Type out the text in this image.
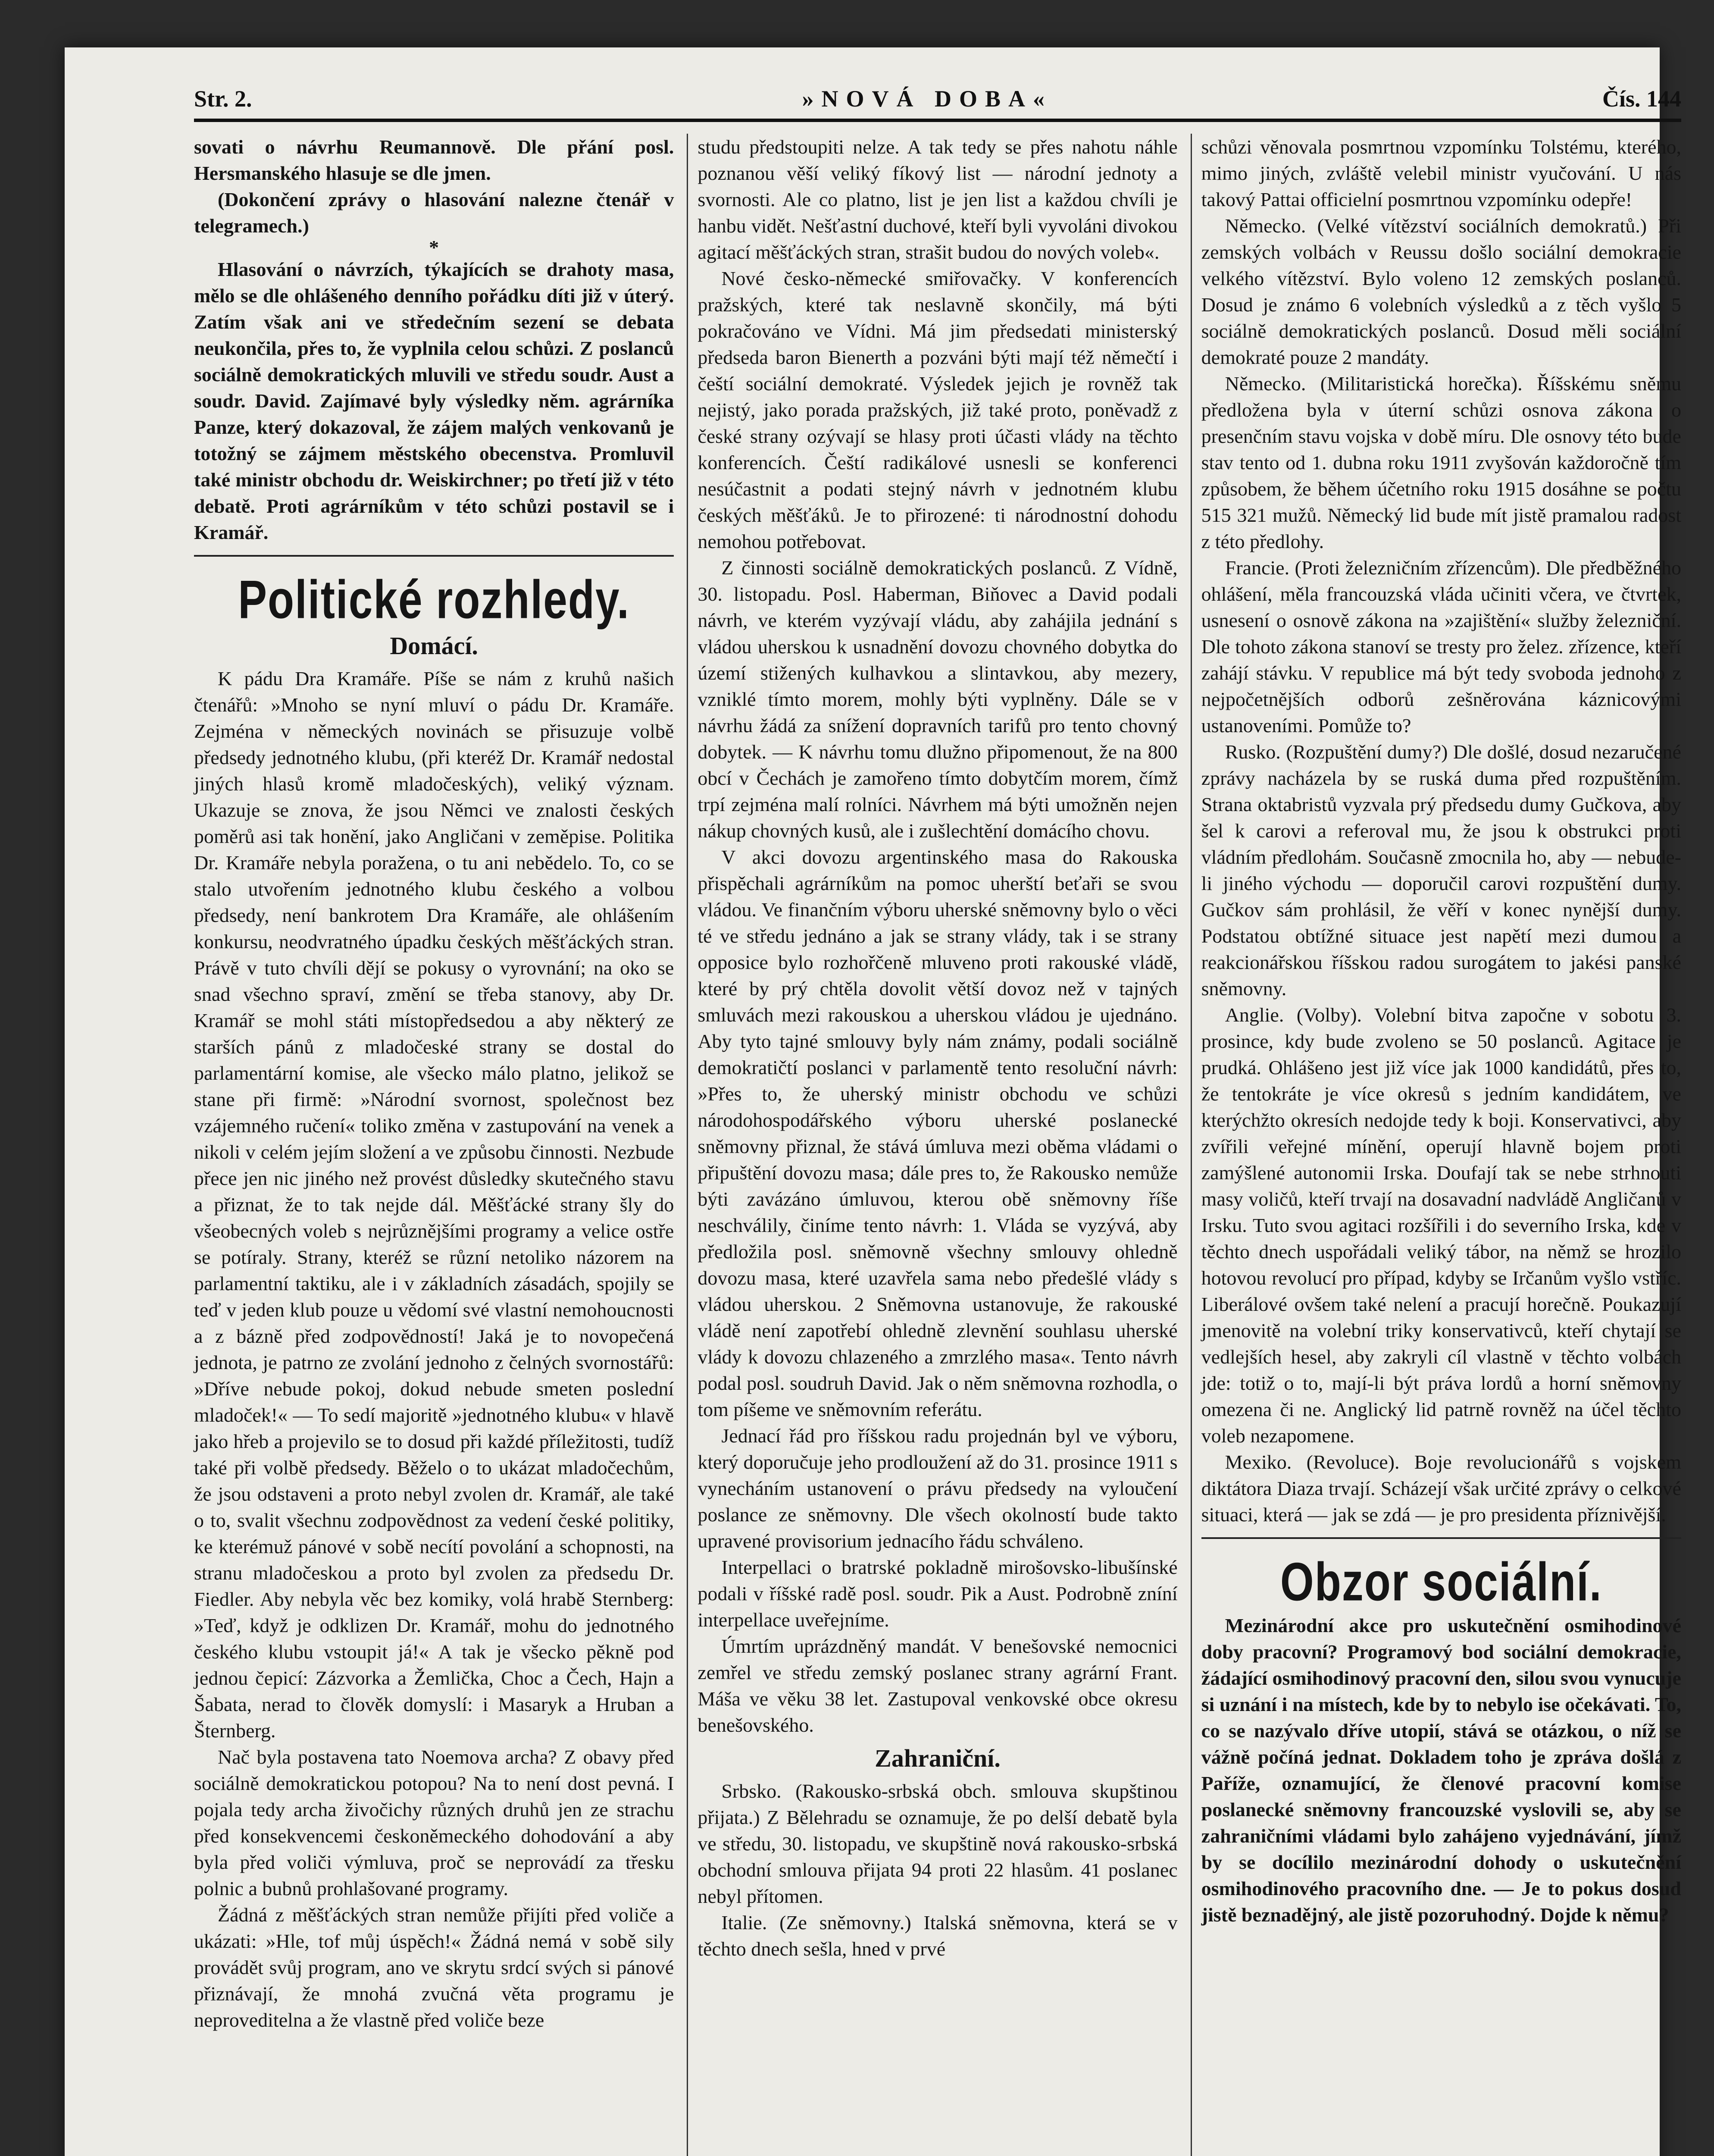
Str. 2.	»NOVÁ DOBA«	Čís. 144

sovati o návrhu Reumannově. Dle přání posl. Hersmanského hlasuje se dle jmen.

(Dokončení zprávy o hlasování nalezne čtenář v telegramech.)

*

Hlasování o návrzích, týkajících se drahoty masa, mělo se dle ohlášeného denního pořádku díti již v úterý. Zatím však ani ve středečním sezení se debata neukončila, přes to, že vyplnila celou schůzi. Z poslanců sociálně demokratických mluvili ve středu soudr. Aust a soudr. David. Zajímavé byly výsledky něm. agrárníka Panze, který dokazoval, že zájem malých venkovanů je totožný se zájmem městského obecenstva. Promluvil také ministr obchodu dr. Weiskirchner; po třetí již v této debatě. Proti agrárníkům v této schůzi postavil se i Kramář.

Politické rozhledy.
Domácí.

K pádu Dra Kramáře. Píše se nám z kruhů našich čtenářů: »Mnoho se nyní mluví o pádu Dr. Kramáře. Zejména v německých novinách se přisuzuje volbě předsedy jednotného klubu, (při kteréž Dr. Kramář nedostal jiných hlasů kromě mladočeských), veliký význam. Ukazuje se znova, že jsou Němci ve znalosti českých poměrů asi tak honění, jako Angličani v zeměpise. Politika Dr. Kramáře nebyla poražena, o tu ani nebědelo. To, co se stalo utvořením jednotného klubu českého a volbou předsedy, není bankrotem Dra Kramáře, ale ohlášením konkursu, neodvratného úpadku českých měšťáckých stran. Právě v tuto chvíli dějí se pokusy o vyrovnání; na oko se snad všechno spraví, změní se třeba stanovy, aby Dr. Kramář se mohl státi místopředsedou a aby některý ze starších pánů z mladočeské strany se dostal do parlamentární komise, ale všecko málo platno, jelikož se stane při firmě: »Národní svornost, společnost bez vzájemného ručení« toliko změna v zastupování na venek a nikoli v celém jejím složení a ve způsobu činnosti. Nezbude přece jen nic jiného než provést důsledky skutečného stavu a přiznat, že to tak nejde dál. Měšťácké strany šly do všeobecných voleb s nejrůznějšími programy a velice ostře se potíraly. Strany, kteréž se různí netoliko názorem na parlamentní taktiku, ale i v základních zásadách, spojily se teď v jeden klub pouze u vědomí své vlastní nemohoucnosti a z bázně před zodpovědností! Jaká je to novopečená jednota, je patrno ze zvolání jednoho z čelných svornostářů: »Dříve nebude pokoj, dokud nebude smeten poslední mladoček!« — To sedí majoritě »jednotného klubu« v hlavě jako hřeb a projevilo se to dosud při každé příležitosti, tudíž také při volbě předsedy. Běželo o to ukázat mladočechům, že jsou odstaveni a proto nebyl zvolen dr. Kramář, ale také o to, svalit všechnu zodpovědnost za vedení české politiky, ke kterémuž pánové v sobě necítí povolání a schopnosti, na stranu mladočeskou a proto byl zvolen za předsedu Dr. Fiedler. Aby nebyla věc bez komiky, volá hrabě Sternberg: »Teď, když je odklizen Dr. Kramář, mohu do jednotného českého klubu vstoupit já!« A tak je všecko pěkně pod jednou čepicí: Zázvorka a Žemlička, Choc a Čech, Hajn a Šabata, nerad to člověk domyslí: i Masaryk a Hruban a Šternberg.

Nač byla postavena tato Noemova archa? Z obavy před sociálně demokratickou potopou? Na to není dost pevná. I pojala tedy archa živočichy různých druhů jen ze strachu před konsekvencemi českoněmeckého dohodování a aby byla před voliči výmluva, proč se neprovádí za třesku polnic a bubnů prohlašované programy.

Žádná z měšťáckých stran nemůže přijíti před voliče a ukázati: »Hle, tof můj úspěch!« Žádná nemá v sobě sily provádět svůj program, ano ve skrytu srdcí svých si pánové přiznávají, že mnohá zvučná věta programu je neproveditelna a že vlastně před voliče beze

studu předstoupiti nelze. A tak tedy se přes nahotu náhle poznanou věší veliký fíkový list — národní jednoty a svornosti. Ale co platno, list je jen list a každou chvíli je hanbu vidět. Nešťastní duchové, kteří byli vyvoláni divokou agitací měšťáckých stran, strašit budou do nových voleb«.

Nové česko-německé smiřovačky. V konferencích pražských, které tak neslavně skončily, má býti pokračováno ve Vídni. Má jim předsedati ministerský předseda baron Bienerth a pozváni býti mají též němečtí i čeští sociální demokraté. Výsledek jejich je rovněž tak nejistý, jako porada pražských, již také proto, poněvadž z české strany ozývají se hlasy proti účasti vlády na těchto konferencích. Čeští radikálové usnesli se konferenci nesúčastnit a podati stejný návrh v jednotném klubu českých měšťáků. Je to přirozené: ti národnostní dohodu nemohou potřebovat.

Z činnosti sociálně demokratických poslanců. Z Vídně, 30. listopadu. Posl. Haberman, Biňovec a David podali návrh, ve kterém vyzývají vládu, aby zahájila jednání s vládou uherskou k usnadnění dovozu chovného dobytka do území stižených kulhavkou a slintavkou, aby mezery, vzniklé tímto morem, mohly býti vyplněny. Dále se v návrhu žádá za snížení dopravních tarifů pro tento chovný dobytek. — K návrhu tomu dlužno připomenout, že na 800 obcí v Čechách je zamořeno tímto dobytčím morem, čímž trpí zejména malí rolníci. Návrhem má býti umožněn nejen nákup chovných kusů, ale i zušlechtění domácího chovu.

V akci dovozu argentinského masa do Rakouska přispěchali agrárníkům na pomoc uherští beťaři se svou vládou. Ve finančním výboru uherské sněmovny bylo o věci té ve středu jednáno a jak se strany vlády, tak i se strany opposice bylo rozhořčeně mluveno proti rakouské vládě, které by prý chtěla dovolit větší dovoz než v tajných smluvách mezi rakouskou a uherskou vládou je ujednáno. Aby tyto tajné smlouvy byly nám známy, podali sociálně demokratičtí poslanci v parlamentě tento resoluční návrh: »Přes to, že uherský ministr obchodu ve schůzi národohospodářského výboru uherské poslanecké sněmovny přiznal, že stává úmluva mezi oběma vládami o připuštění dovozu masa; dále pres to, že Rakousko nemůže býti zavázáno úmluvou, kterou obě sněmovny říše neschválily, činíme tento návrh: 1. Vláda se vyzývá, aby předložila posl. sněmovně všechny smlouvy ohledně dovozu masa, které uzavřela sama nebo předešlé vlády s vládou uherskou. 2 Sněmovna ustanovuje, že rakouské vládě není zapotřebí ohledně zlevnění souhlasu uherské vlády k dovozu chlazeného a zmrzlého masa«. Tento návrh podal posl. soudruh David. Jak o něm sněmovna rozhodla, o tom píšeme ve sněmovním referátu.

Jednací řád pro říšskou radu projednán byl ve výboru, který doporučuje jeho prodloužení až do 31. prosince 1911 s vynecháním ustanovení o právu předsedy na vyloučení poslance ze sněmovny. Dle všech okolností bude takto upravené provisorium jednacího řádu schváleno.

Interpellaci o bratrské pokladně mirošovsko-libušínské podali v říšské radě posl. soudr. Pik a Aust. Podrobně zníní interpellace uveřejníme.

Úmrtím uprázdněný mandát. V benešovské nemocnici zemřel ve středu zemský poslanec strany agrární Frant. Máša ve věku 38 let. Zastupoval venkovské obce okresu benešovského.

Zahraniční.

Srbsko. (Rakousko-srbská obch. smlouva skupštinou přijata.) Z Bělehradu se oznamuje, že po delší debatě byla ve středu, 30. listopadu, ve skupštině nová rakousko-srbská obchodní smlouva přijata 94 proti 22 hlasům. 41 poslanec nebyl přítomen.

Italie. (Ze sněmovny.) Italská sněmovna, která se v těchto dnech sešla, hned v prvé

schůzi věnovala posmrtnou vzpomínku Tolstému, kterého, mimo jiných, zvláště velebil ministr vyučování. U nás takový Pattai officielní posmrtnou vzpomínku odepře!

Německo. (Velké vítězství sociálních demokratů.) Při zemských volbách v Reussu došlo sociální demokracie velkého vítězství. Bylo voleno 12 zemských poslanců. Dosud je známo 6 volebních výsledků a z těch vyšlo 5 sociálně demokratických poslanců. Dosud měli sociální demokraté pouze 2 mandáty.

Německo. (Militaristická horečka). Říšskému sněmu předložena byla v úterní schůzi osnova zákona o presenčním stavu vojska v době míru. Dle osnovy této bude stav tento od 1. dubna roku 1911 zvyšován každoročně tím způsobem, že během účetního roku 1915 dosáhne se počtu 515 321 mužů. Německý lid bude mít jistě pramalou radost z této předlohy.

Francie. (Proti železničním zřízencům). Dle předběžného ohlášení, měla francouzská vláda učiniti včera, ve čtvrtek, usnesení o osnově zákona na »zajištění« služby železniční. Dle tohoto zákona stanoví se tresty pro želez. zřízence, kteří zahájí stávku. V republice má být tedy svoboda jednoho z nejpočetnějších odborů zešněrována káznicovými ustanoveními. Pomůže to?

Rusko. (Rozpuštění dumy?) Dle došlé, dosud nezaručené zprávy nacházela by se ruská duma před rozpuštěním. Strana oktabristů vyzvala prý předsedu dumy Gučkova, aby šel k carovi a referoval mu, že jsou k obstrukci proti vládním předlohám. Současně zmocnila ho, aby — nebude-li jiného východu — doporučil carovi rozpuštění dumy. Gučkov sám prohlásil, že věří v konec nynější dumy. Podstatou obtížné situace jest napětí mezi dumou a reakcionářskou říšskou radou surogátem to jakési panské sněmovny.

Anglie. (Volby). Volební bitva započne v sobotu 3. prosince, kdy bude zvoleno se 50 poslanců. Agitace je prudká. Ohlášeno jest již více jak 1000 kandidátů, přes to, že tentokráte je více okresů s jedním kandidátem, ve kterýchžto okresích nedojde tedy k boji. Konservativci, aby zvířili veřejné mínění, operují hlavně bojem proti zamýšlené autonomii Irska. Doufají tak se nebe strhnouti masy voličů, kteří trvají na dosavadní nadvládě Angličanů v Irsku. Tuto svou agitaci rozšířili i do severního Irska, kde v těchto dnech uspořádali veliký tábor, na němž se hrozilo hotovou revolucí pro případ, kdyby se Irčanům vyšlo vstříc. Liberálové ovšem také nelení a pracují horečně. Poukazují jmenovitě na volební triky konservativců, kteří chytají se vedlejších hesel, aby zakryli cíl vlastně v těchto volbách jde: totiž o to, mají-li být práva lordů a horní sněmovny omezena či ne. Anglický lid patrně rovněž na účel těchto voleb nezapomene.

Mexiko. (Revoluce). Boje revolucionářů s vojskem diktátora Diaza trvají. Scházejí však určité zprávy o celkové situaci, která — jak se zdá — je pro presidenta příznivější.

Obzor sociální.

Mezinárodní akce pro uskutečnění osmihodinové doby pracovní? Programový bod sociální demokracie, žádající osmihodinový pracovní den, silou svou vynucuje si uznání i na místech, kde by to nebylo ise očekávati. To, co se nazývalo dříve utopií, stává se otázkou, o níž se vážně počíná jednat. Dokladem toho je zpráva došlá z Paříže, oznamující, že členové pracovní komise poslanecké sněmovny francouzské vyslovili se, aby se zahraničními vládami bylo zahájeno vyjednávání, jímž by se docílilo mezinárodní dohody o uskutečnění osmihodinového pracovního dne. — Je to pokus dosud jistě beznadějný, ale jistě pozoruhodný. Dojde k němu?
